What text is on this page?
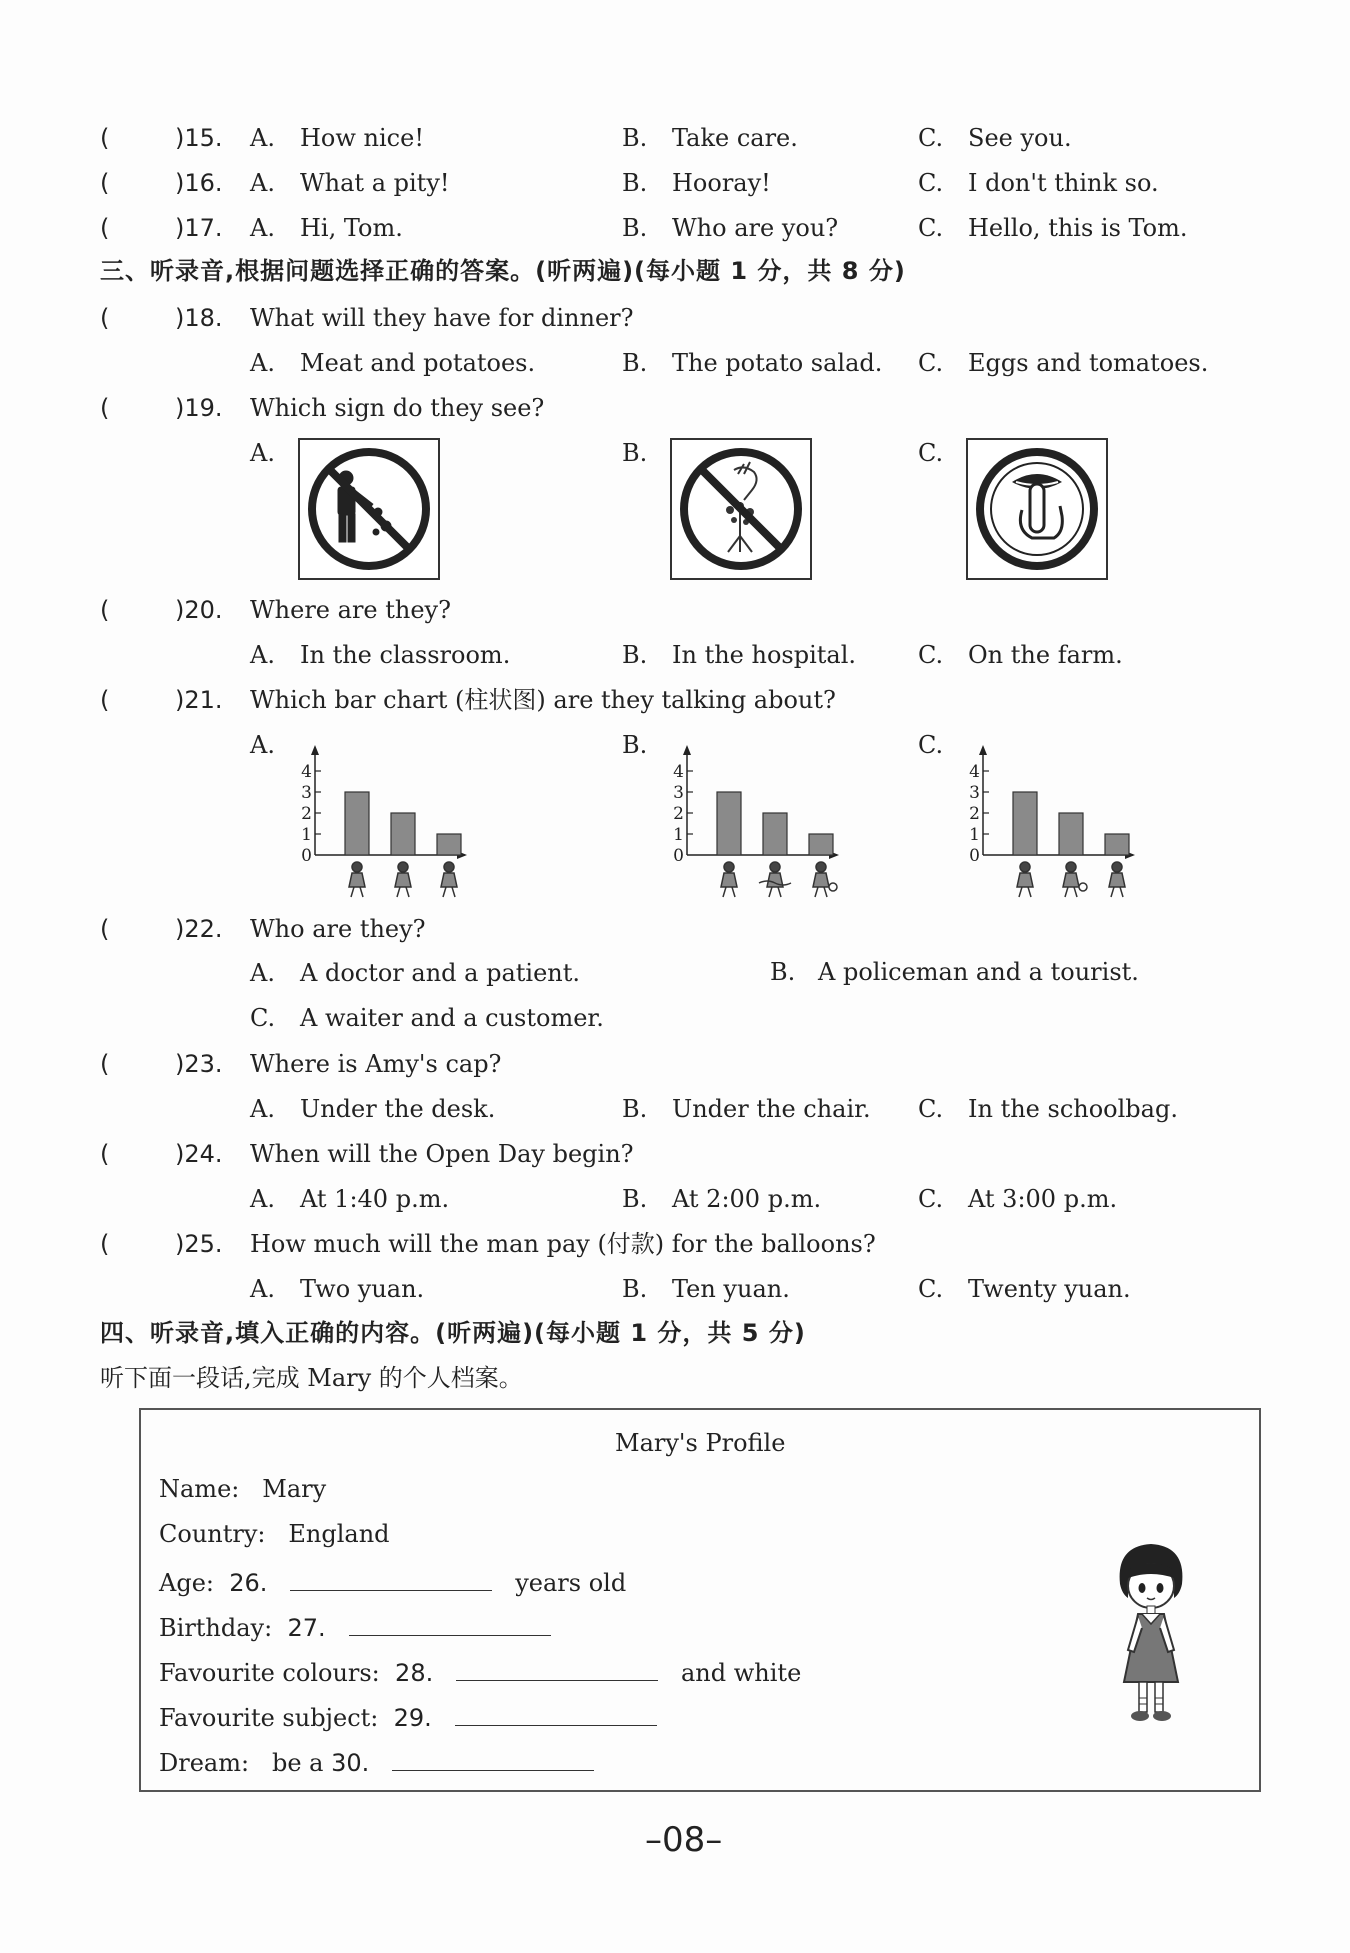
(	)15. A. How nice!	B. Take care.	C. See you.
(	)16. A. What a pity!	B. Hooray!	C. I don't think so.
(	)17. A. Hi, Tom.	B. Who are you?	C. Hello, this is Tom.
三、听录音,根据问题选择正确的答案。(听两遍)(每小题 1 分，共 8 分)
(	)18. What will they have for dinner?
A. Meat and potatoes.	B. The potato salad. C. Eggs and tomatoes.
(	)19. Which sign do they see?
A.	B.	C.
(	)20. Where are they?
A. In the classroom.	B. In the hospital.	C. On the farm.
(	)21. Which bar chart (柱状图) are they talking about?
A.	B.	C.
0
1
2
3
4
0
1
2
3
4
0
1
2
3
4
(	)22. Who are they?
A. A doctor and a patient.	B. A policeman and a tourist.
C. A waiter and a customer.
(	)23. Where is Amy's cap?
A. Under the desk.	B. Under the chair. C. In the schoolbag.
(	)24. When will the Open Day begin?
A. At 1:40 p.m.	B. At 2:00 p.m.	C. At 3:00 p.m.
(	)25. How much will the man pay (付款) for the balloons?
A. Two yuan.	B. Ten yuan.	C. Twenty yuan.
四、听录音,填入正确的内容。(听两遍)(每小题 1 分，共 5 分)
听下面一段话,完成 Mary 的个人档案。
Mary's Profile
Name: Mary
Country: England
Age: 26.	years old
Birthday: 27.
Favourite colours: 28.	and white
Favourite subject: 29.
Dream: be a 30.
–08–
